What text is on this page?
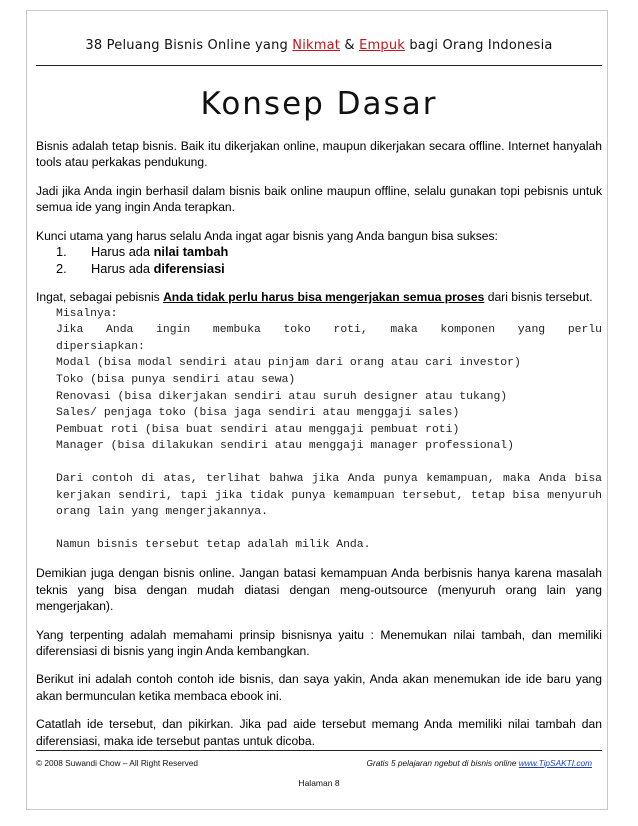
38 Peluang Bisnis Online yang Nikmat & Empuk bagi Orang Indonesia
Konsep Dasar

Bisnis adalah tetap bisnis. Baik itu dikerjakan online, maupun dikerjakan secara offline. Internet hanyalah tools atau perkakas pendukung.

Jadi jika Anda ingin berhasil dalam bisnis baik online maupun offline, selalu gunakan topi pebisnis untuk semua ide yang ingin Anda terapkan.

Kunci utama yang harus selalu Anda ingat agar bisnis yang Anda bangun bisa sukses:

1.	Harus ada nilai tambah
2.	Harus ada diferensiasi

Ingat, sebagai pebisnis Anda tidak perlu harus bisa mengerjakan semua proses dari bisnis tersebut.

Misalnya:
Jika Anda ingin membuka toko roti, maka komponen yang perlu
dipersiapkan:
Modal (bisa modal sendiri atau pinjam dari orang atau cari investor)
Toko (bisa punya sendiri atau sewa)
Renovasi (bisa dikerjakan sendiri atau suruh designer atau tukang)
Sales/ penjaga toko (bisa jaga sendiri atau menggaji sales)
Pembuat roti (bisa buat sendiri atau menggaji pembuat roti)
Manager (bisa dilakukan sendiri atau menggaji manager professional)
Dari contoh di atas, terlihat bahwa jika Anda punya kemampuan, maka Anda bisa kerjakan sendiri, tapi jika tidak punya kemampuan tersebut, tetap bisa menyuruh orang lain yang mengerjakannya.
Namun bisnis tersebut tetap adalah milik Anda.

Demikian juga dengan bisnis online. Jangan batasi kemampuan Anda berbisnis hanya karena masalah teknis yang bisa dengan mudah diatasi dengan meng-outsource (menyuruh orang lain yang mengerjakan).

Yang terpenting adalah memahami prinsip bisnisnya yaitu : Menemukan nilai tambah, dan memiliki diferensiasi di bisnis yang ingin Anda kembangkan.

Berikut ini adalah contoh contoh ide bisnis, dan saya yakin, Anda akan menemukan ide ide baru yang akan bermunculan ketika membaca ebook ini.

Catatlah ide tersebut, dan pikirkan. Jika pad aide tersebut memang Anda memiliki nilai tambah dan diferensiasi, maka ide tersebut pantas untuk dicoba.

© 2008 Suwandi Chow – All Right Reserved	Gratis 5 pelajaran ngebut di bisnis online www.TipSAKTI.com
Halaman 8
